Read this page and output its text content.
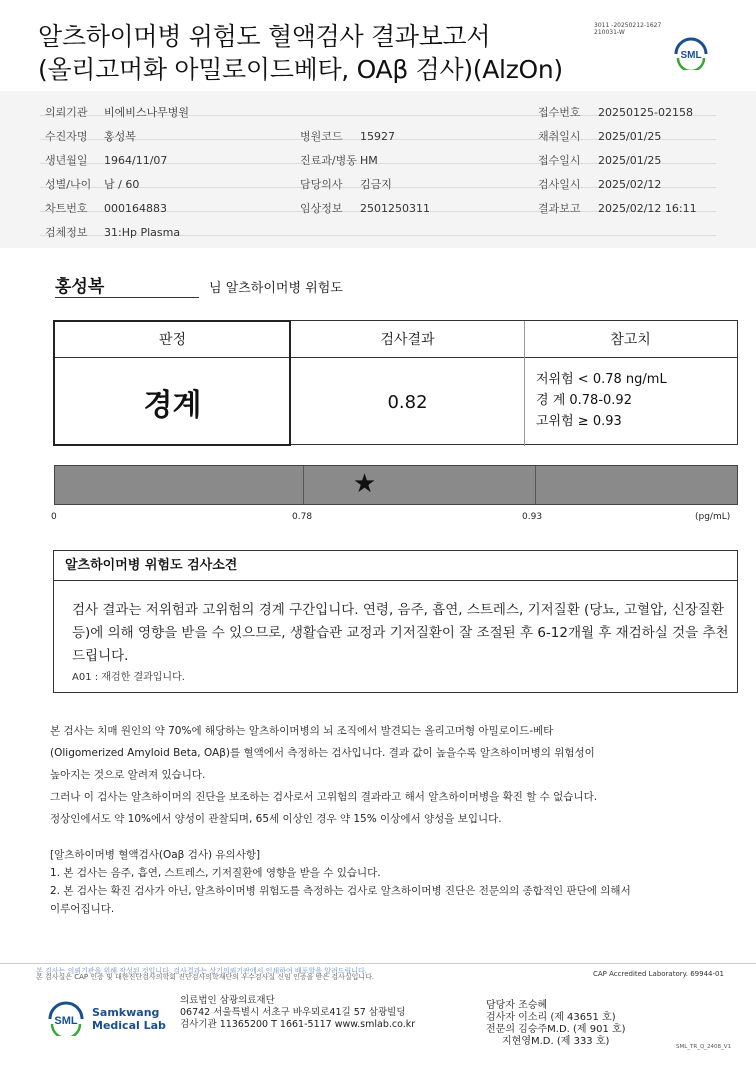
알츠하이머병 위험도 혈액검사 결과보고서
(올리고머화 아밀로이드베타, OAβ 검사)(AlzOn)
3011 -20250212-1627
210031-W
SML
의뢰기관 비에비스나무병원	접수번호 20250125-02158
수진자명 홍성복	병원코드 15927	채취일시 2025/01/25
생년월일 1964/11/07	진료과/병동 HM	접수일시 2025/01/25
성별/나이 남 / 60	담당의사 김금지	검사일시 2025/02/12
차트번호 000164883	임상정보 2501250311	결과보고 2025/02/12 16:11
검체정보 31:Hp Plasma
홍성복	님 알츠하이머병 위험도
판정	검사결과	참고치
경계	0.82
저위험 < 0.78 ng/mL
경 계 0.78-0.92
고위험 ≥ 0.93
★
0	0.78	0.93	(pg/mL)
알츠하이머병 위험도 검사소견
검사 결과는 저위험과 고위험의 경계 구간입니다. 연령, 음주, 흡연, 스트레스, 기저질환 (당뇨, 고혈압, 신장질환 등)에 의해 영향을 받을 수 있으므로, 생활습관 교정과 기저질환이 잘 조절된 후 6-12개월 후 재검하실 것을 추천드립니다.
A01 : 재검한 결과입니다.
본 검사는 치매 원인의 약 70%에 해당하는 알츠하이머병의 뇌 조직에서 발견되는 올리고머형 아밀로이드-베타
(Oligomerized Amyloid Beta, OAβ)를 혈액에서 측정하는 검사입니다. 결과 값이 높을수록 알츠하이머병의 위험성이
높아지는 것으로 알려져 있습니다.
그러나 이 검사는 알츠하이머의 진단을 보조하는 검사로서 고위험의 결과라고 해서 알츠하이머병을 확진 할 수 없습니다.
정상인에서도 약 10%에서 양성이 관찰되며, 65세 이상인 경우 약 15% 이상에서 양성을 보입니다.
[알츠하이머병 혈액검사(Oaβ 검사) 유의사항]
1. 본 검사는 음주, 흡연, 스트레스, 기저질환에 영향을 받을 수 있습니다.
2. 본 검사는 확진 검사가 아닌, 알츠하이머병 위험도를 측정하는 검사로 알츠하이머병 진단은 전문의의 종합적인 판단에 의해서
이루어집니다.
본 검사는 의뢰기관을 위해 작성된 것입니다. 검사결과는 상기의뢰기관에서 인쇄하여 배포할을 알려드립니다.
본 검사실은 CAP 인증 및 대한진단검사의학회 진단검사의학재단의 우수검사실 신임 인증을 받은 검사실입니다.	CAP Accredited Laboratory. 69944-01
SML
Samkwang
Medical Lab
의료법인 삼광의료재단
06742 서울특별시 서초구 바우뫼로41길 57 삼광빌딩
검사기관 11365200 T 1661-5117 www.smlab.co.kr
담당자 조승혜
검사자 이소리 (제 43651 호)
전문의 김승주M.D. (제 901 호)
지현영M.D. (제 333 호)	SML_TR_Q_2408_V1
